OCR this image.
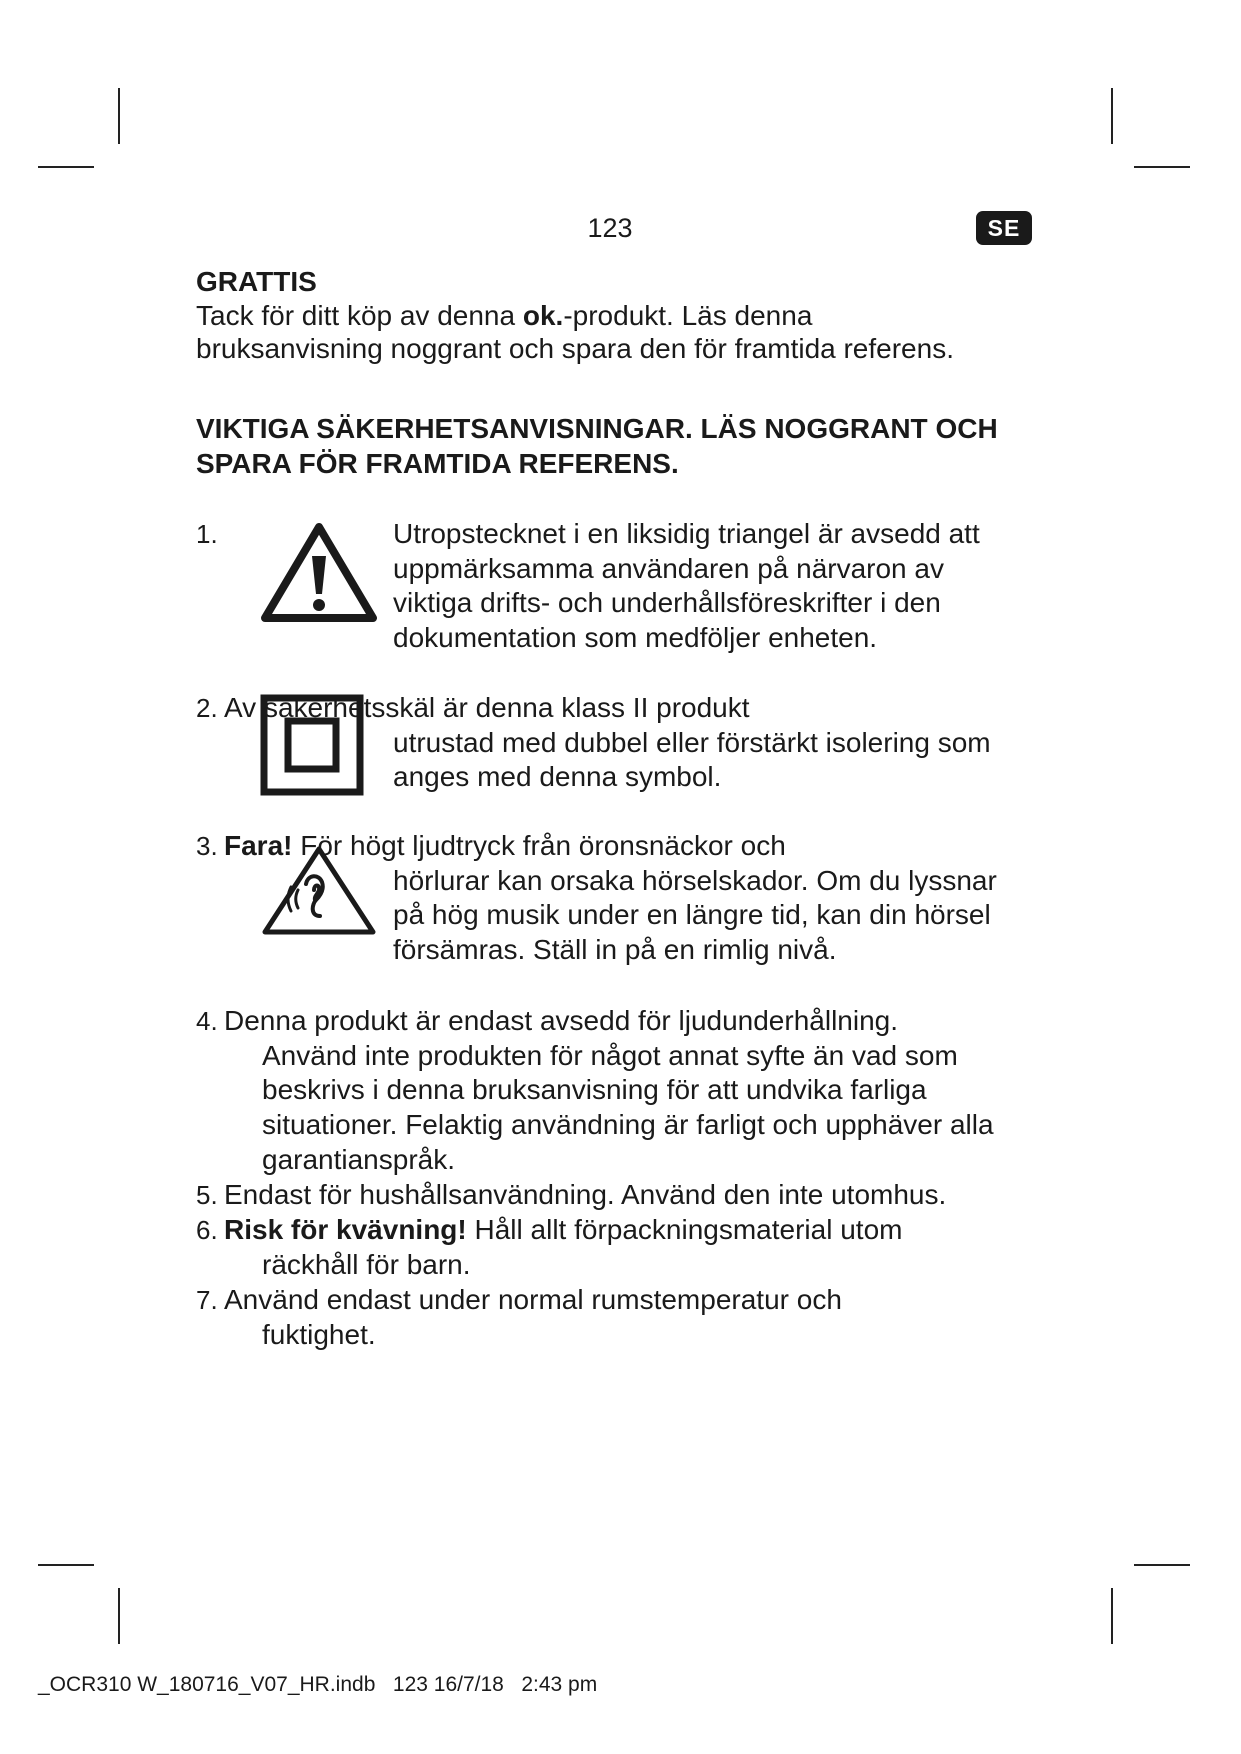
123	SE
GRATTIS
Tack för ditt köp av denna ok.-produkt. Läs denna
bruksanvisning noggrant och spara den för framtida referens.
VIKTIGA SÄKERHETSANVISNINGAR. LÄS NOGGRANT OCH
SPARA FÖR FRAMTIDA REFERENS.
1.	Utropstecknet i en liksidig triangel är avsedd att
uppmärksamma användaren på närvaron av
viktiga drifts- och underhållsföreskrifter i den
dokumentation som medföljer enheten.
2. Av säkerhetsskäl är denna klass II produkt
utrustad med dubbel eller förstärkt isolering som
anges med denna symbol.
3. Fara! För högt ljudtryck från öronsnäckor och
hörlurar kan orsaka hörselskador. Om du lyssnar
på hög musik under en längre tid, kan din hörsel
försämras. Ställ in på en rimlig nivå.
4. Denna produkt är endast avsedd för ljudunderhållning.
Använd inte produkten för något annat syfte än vad som
beskrivs i denna bruksanvisning för att undvika farliga
situationer. Felaktig användning är farligt och upphäver alla
garantianspråk.
5. Endast för hushållsanvändning. Använd den inte utomhus.
6. Risk för kvävning! Håll allt förpackningsmaterial utom
räckhåll för barn.
7. Använd endast under normal rumstemperatur och
fuktighet.
_OCR310 W_180716_V07_HR.indb   123 16/7/18   2:43 pm
